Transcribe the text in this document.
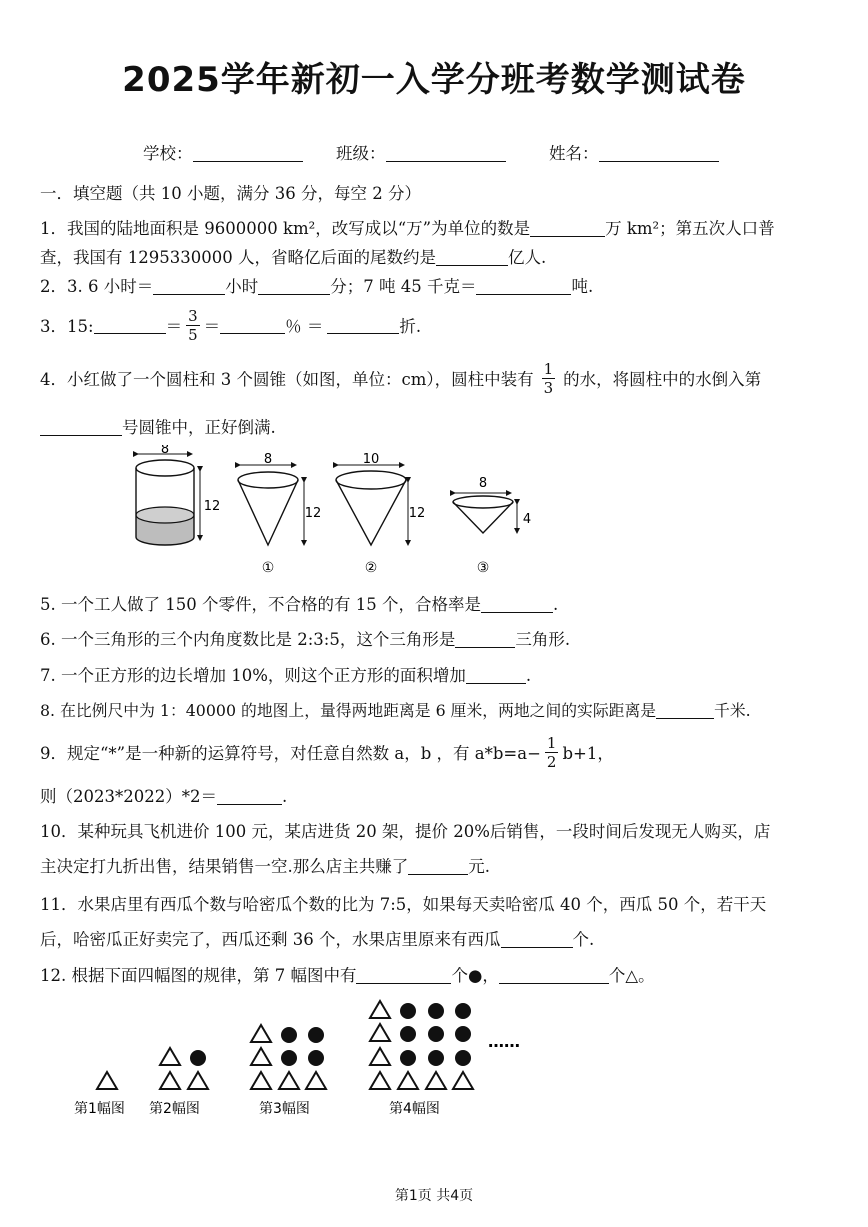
2025学年新初一入学分班考数学测试卷
学校：	班级：	姓名：
一．填空题（共 10 小题，满分 36 分，每空 2 分）
1．我国的陆地面积是 9600000 km²，改写成以“万”为单位的数是	万 km²；第五次人口普
查，我国有 1295330000 人，省略亿后面的尾数约是	亿人.
2．3. 6 小时＝	小时	分；7 吨 45 千克＝	吨.
3．15:	＝ $\frac{3}{5}$ ＝	％ ＝	折.
4．小红做了一个圆柱和 3 个圆锥（如图，单位：cm），圆柱中装有 $\frac{1}{3}$ 的水，将圆柱中的水倒入第
号圆锥中，正好倒满.
8
12
8
12
①
10
12
②
8
4
③
5. 一个工人做了 150 个零件，不合格的有 15 个，合格率是	.
6. 一个三角形的三个内角度数比是 2:3:5，这个三角形是	三角形.
7. 一个正方形的边长增加 10%，则这个正方形的面积增加	.
8. 在比例尺中为 1：40000 的地图上，量得两地距离是 6 厘米，两地之间的实际距离是	千米.
9．规定“*”是一种新的运算符号，对任意自然数 a，b ，有 $a*b=a- \frac{1}{2} b+1$，
则（2023*2022）*2＝	.
10．某种玩具飞机进价 100 元，某店进货 20 架，提价 20%后销售，一段时间后发现无人购买，店
主决定打九折出售，结果销售一空.那么店主共赚了	元.
11．水果店里有西瓜个数与哈密瓜个数的比为 7:5，如果每天卖哈密瓜 40 个，西瓜 50 个，若干天
后，哈密瓜正好卖完了，西瓜还剩 36 个，水果店里原来有西瓜	个.
12. 根据下面四幅图的规律，第 7 幅图中有	个●，	个△。
……
第1幅图 第2幅图	第3幅图	第4幅图
第1页 共4页
